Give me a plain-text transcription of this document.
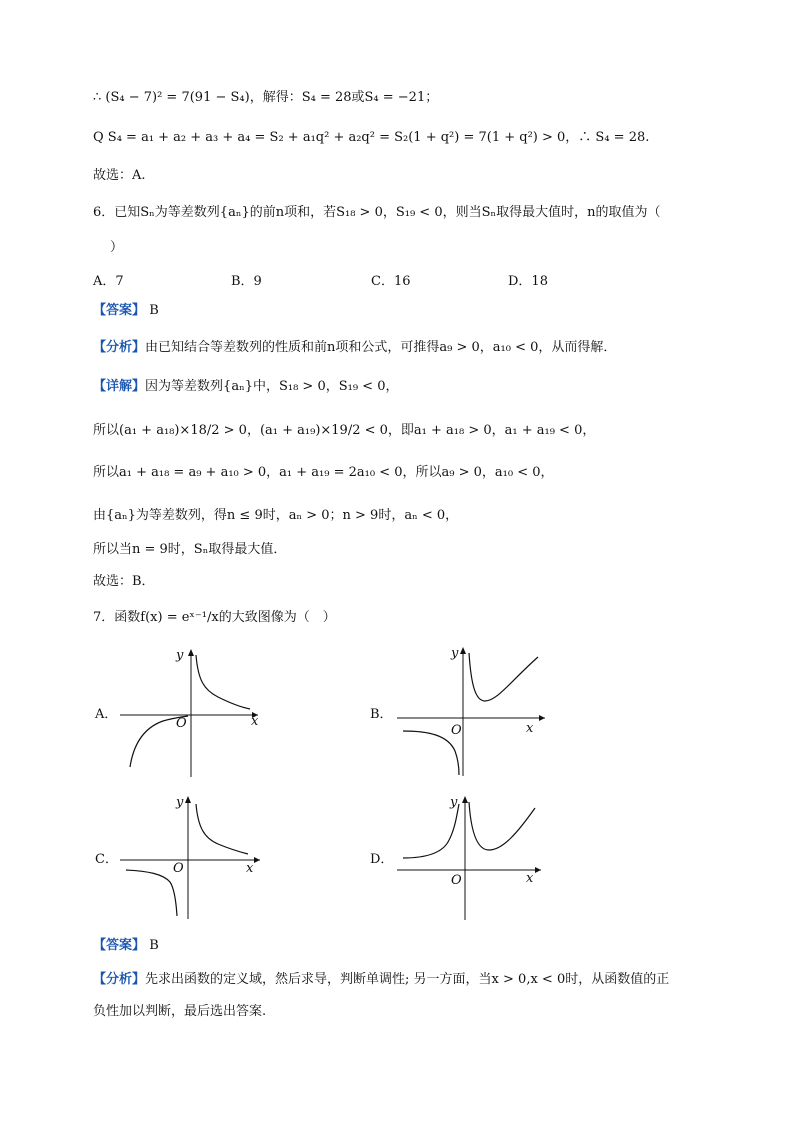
∴ (S₄ − 7)² = 7(91 − S₄)，解得：S₄ = 28或S₄ = −21；
Q S₄ = a₁ + a₂ + a₃ + a₄ = S₂ + a₁q² + a₂q² = S₂(1 + q²) = 7(1 + q²) > 0，∴ S₄ = 28.
故选：A.
6．已知Sₙ为等差数列{aₙ}的前n项和，若S₁₈ > 0，S₁₉ < 0，则当Sₙ取得最大值时，n的取值为（
）
A．7	B．9	C．16	D．18
【 答案 】 B
【 分析 】 由已知结合等差数列的性质和前n项和公式，可推得a₉ > 0，a₁₀ < 0，从而得解．
【 详解 】 因为等差数列{aₙ}中，S₁₈ > 0，S₁₉ < 0，
所以(a₁ + a₁₈)×18/2 > 0，(a₁ + a₁₉)×19/2 < 0，即a₁ + a₁₈ > 0，a₁ + a₁₉ < 0，
所以a₁ + a₁₈ = a₉ + a₁₀ > 0，a₁ + a₁₉ = 2a₁₀ < 0，所以a₉ > 0，a₁₀ < 0，
由{aₙ}为等差数列，得n ≤ 9时，aₙ > 0；n > 9时，aₙ < 0，
所以当n = 9时，Sₙ取得最大值．
故选：B．
7．函数f(x) = eˣ⁻¹/x的大致图像为（　）
A．	B．
C．	D．
y
x
O
y
x
O
y
x
O
y
x
O
【 答案 】 B
【 分析 】 先求出函数的定义域，然后求导，判断单调性; 另一方面，当x > 0,x < 0时，从函数值的正
负性加以判断，最后选出答案.
